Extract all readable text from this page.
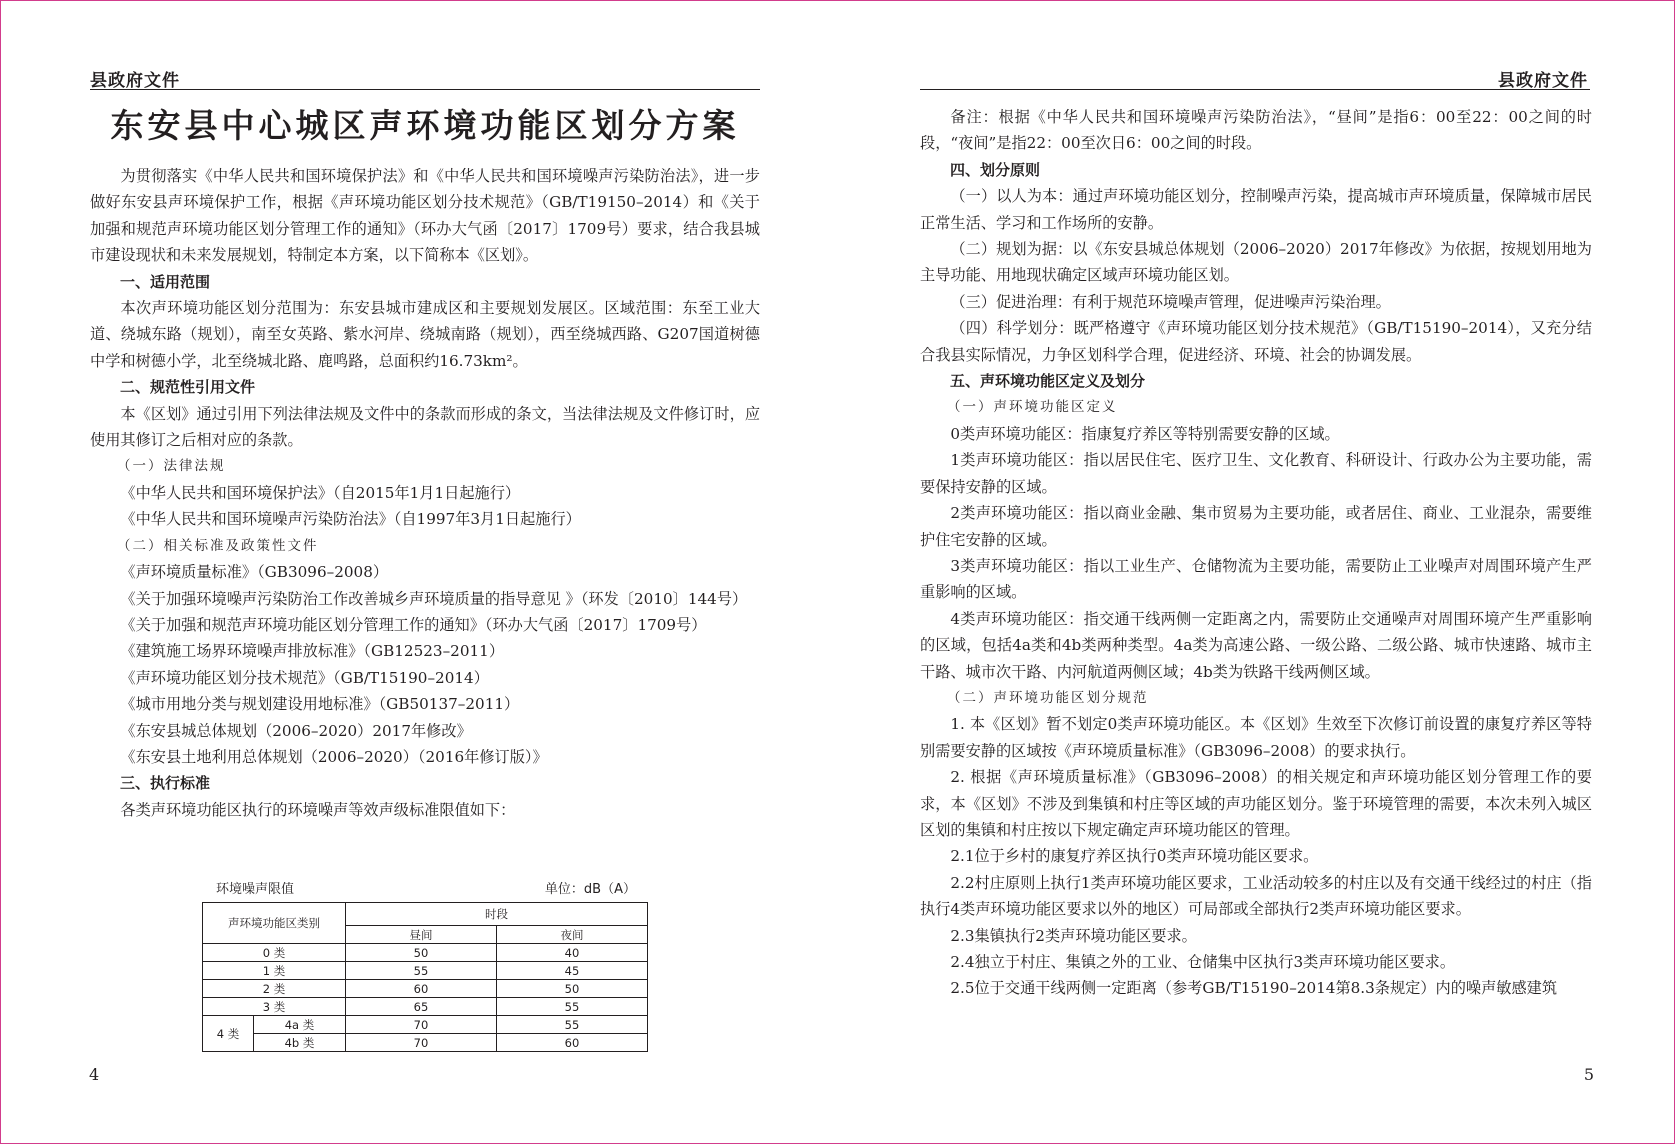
县政府文件
东安县中心城区声环境功能区划分方案

为贯彻落实《中华人民共和国环境保护法》和《中华人民共和国环境噪声污染防治法》，进一步做好东安县声环境保护工作，根据《声环境功能区划分技术规范》（GB/T19150–2014）和《关于加强和规范声环境功能区划分管理工作的通知》（环办大气函〔2017〕1709号）要求，结合我县城市建设现状和未来发展规划，特制定本方案，以下简称本《区划》。

一、适用范围

本次声环境功能区划分范围为：东安县城市建成区和主要规划发展区。区域范围：东至工业大道、绕城东路（规划），南至女英路、紫水河岸、绕城南路（规划），西至绕城西路、G207国道树德中学和树德小学，北至绕城北路、鹿鸣路，总面积约16.73km²。

二、规范性引用文件

本《区划》通过引用下列法律法规及文件中的条款而形成的条文，当法律法规及文件修订时，应使用其修订之后相对应的条款。

（一）法律法规

《中华人民共和国环境保护法》（自2015年1月1日起施行）

《中华人民共和国环境噪声污染防治法》（自1997年3月1日起施行）

（二）相关标准及政策性文件

《声环境质量标准》（GB3096–2008）

《关于加强环境噪声污染防治工作改善城乡声环境质量的指导意见 》（环发〔2010〕144号）

《关于加强和规范声环境功能区划分管理工作的通知》（环办大气函〔2017〕1709号）

《建筑施工场界环境噪声排放标准》（GB12523–2011）

《声环境功能区划分技术规范》（GB/T15190–2014）

《城市用地分类与规划建设用地标准》（GB50137–2011）

《东安县城总体规划（2006–2020）2017年修改》

《东安县土地利用总体规划（2006–2020）（2016年修订版）》

三、执行标准

各类声环境功能区执行的环境噪声等效声级标准限值如下：

环境噪声限值	单位：dB（A）
声环境功能区类别		时段	
		昼间	夜间
0 类		50	40
1 类		55	45
2 类		60	50
3 类		65	55
4 类	4a 类	70	55
	4b 类	70	60
4
县政府文件

备注：根据《中华人民共和国环境噪声污染防治法》，“昼间”是指6：00至22：00之间的时段，“夜间”是指22：00至次日6：00之间的时段。

四、划分原则

（一）以人为本：通过声环境功能区划分，控制噪声污染，提高城市声环境质量，保障城市居民正常生活、学习和工作场所的安静。

（二）规划为据：以《东安县城总体规划（2006–2020）2017年修改》为依据，按规划用地为主导功能、用地现状确定区域声环境功能区划。

（三）促进治理：有利于规范环境噪声管理，促进噪声污染治理。

（四）科学划分：既严格遵守《声环境功能区划分技术规范》（GB/T15190–2014），又充分结合我县实际情况，力争区划科学合理，促进经济、环境、社会的协调发展。

五、声环境功能区定义及划分

（一）声环境功能区定义

0类声环境功能区：指康复疗养区等特别需要安静的区域。

1类声环境功能区：指以居民住宅、医疗卫生、文化教育、科研设计、行政办公为主要功能，需要保持安静的区域。

2类声环境功能区：指以商业金融、集市贸易为主要功能，或者居住、商业、工业混杂，需要维护住宅安静的区域。

3类声环境功能区：指以工业生产、仓储物流为主要功能，需要防止工业噪声对周围环境产生严重影响的区域。

4类声环境功能区：指交通干线两侧一定距离之内，需要防止交通噪声对周围环境产生严重影响的区域，包括4a类和4b类两种类型。4a类为高速公路、一级公路、二级公路、城市快速路、城市主干路、城市次干路、内河航道两侧区域；4b类为铁路干线两侧区域。

（二）声环境功能区划分规范

1. 本《区划》暂不划定0类声环境功能区。本《区划》生效至下次修订前设置的康复疗养区等特别需要安静的区域按《声环境质量标准》（GB3096–2008）的要求执行。

2. 根据《声环境质量标准》（GB3096–2008）的相关规定和声环境功能区划分管理工作的要求，本《区划》不涉及到集镇和村庄等区域的声功能区划分。鉴于环境管理的需要，本次未列入城区区划的集镇和村庄按以下规定确定声环境功能区的管理。

2.1位于乡村的康复疗养区执行0类声环境功能区要求。

2.2村庄原则上执行1类声环境功能区要求，工业活动较多的村庄以及有交通干线经过的村庄（指执行4类声环境功能区要求以外的地区）可局部或全部执行2类声环境功能区要求。

2.3集镇执行2类声环境功能区要求。

2.4独立于村庄、集镇之外的工业、仓储集中区执行3类声环境功能区要求。

2.5位于交通干线两侧一定距离（参考GB/T15190–2014第8.3条规定）内的噪声敏感建筑

5
